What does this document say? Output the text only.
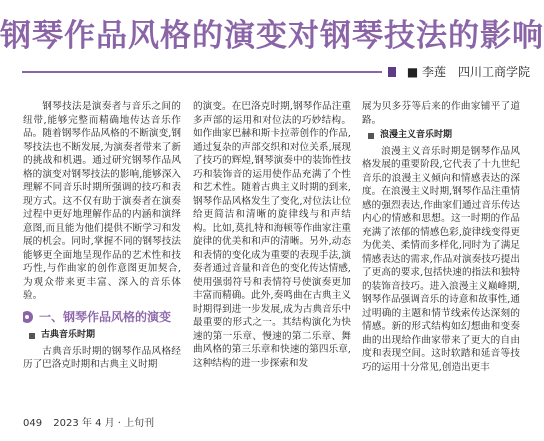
钢琴作品风格的演变对钢琴技法的影响
■ 李莲　四川工商学院

钢琴技法是演奏者与音乐之间的纽带,能够完整而精确地传达音乐作品。随着钢琴作品风格的不断演变,钢琴技法也不断发展,为演奏者带来了新的挑战和机遇。通过研究钢琴作品风格的演变对钢琴技法的影响,能够深入理解不同音乐时期所强调的技巧和表现方式。这不仅有助于演奏者在演奏过程中更好地理解作品的内涵和演绎意图,而且能为他们提供不断学习和发展的机会。同时,掌握不同的钢琴技法能够更全面地呈现作品的艺术性和技巧性,与作曲家的创作意图更加契合,为观众带来更丰富、深入的音乐体验。

一、钢琴作品风格的演变
古典音乐时期

古典音乐时期的钢琴作品风格经历了巴洛克时期和古典主义时期

的演变。在巴洛克时期,钢琴作品注重多声部的运用和对位法的巧妙结构。如作曲家巴赫和斯卡拉蒂创作的作品,通过复杂的声部交织和对位关系,展现了技巧的辉煌,钢琴演奏中的装饰性技巧和装饰音的运用使作品充满了个性和艺术性。随着古典主义时期的到来,钢琴作品风格发生了变化,对位法让位给更简洁和清晰的旋律线与和声结构。比如,莫扎特和海顿等作曲家注重旋律的优美和和声的清晰。另外,动态和表情的变化成为重要的表现手法,演奏者通过音量和音色的变化传达情感,使用强弱符号和表情符号使演奏更加丰富而精确。此外,奏鸣曲在古典主义时期得到进一步发展,成为古典音乐中最重要的形式之一。其结构演化为快速的第一乐章、慢速的第二乐章、舞曲风格的第三乐章和快速的第四乐章,这种结构的进一步探索和发

展为贝多芬等后来的作曲家铺平了道路。

浪漫主义音乐时期

浪漫主义音乐时期是钢琴作品风格发展的重要阶段,它代表了十九世纪音乐的浪漫主义倾向和情感表达的深度。在浪漫主义时期,钢琴作品注重情感的强烈表达,作曲家们通过音乐传达内心的情感和思想。这一时期的作品充满了浓郁的情感色彩,旋律线变得更为优美、柔情而多样化,同时为了满足情感表达的需求,作品对演奏技巧提出了更高的要求,包括快速的指法和独特的装饰音技巧。进入浪漫主义巅峰期,钢琴作品强调音乐的诗意和故事性,通过明确的主题和情节线索传达深刻的情感。新的形式结构如幻想曲和变奏曲的出现给作曲家带来了更大的自由度和表现空间。这时软踏和延音等技巧的运用十分常见,创造出更丰

049 2023 年 4 月 · 上旬刊
